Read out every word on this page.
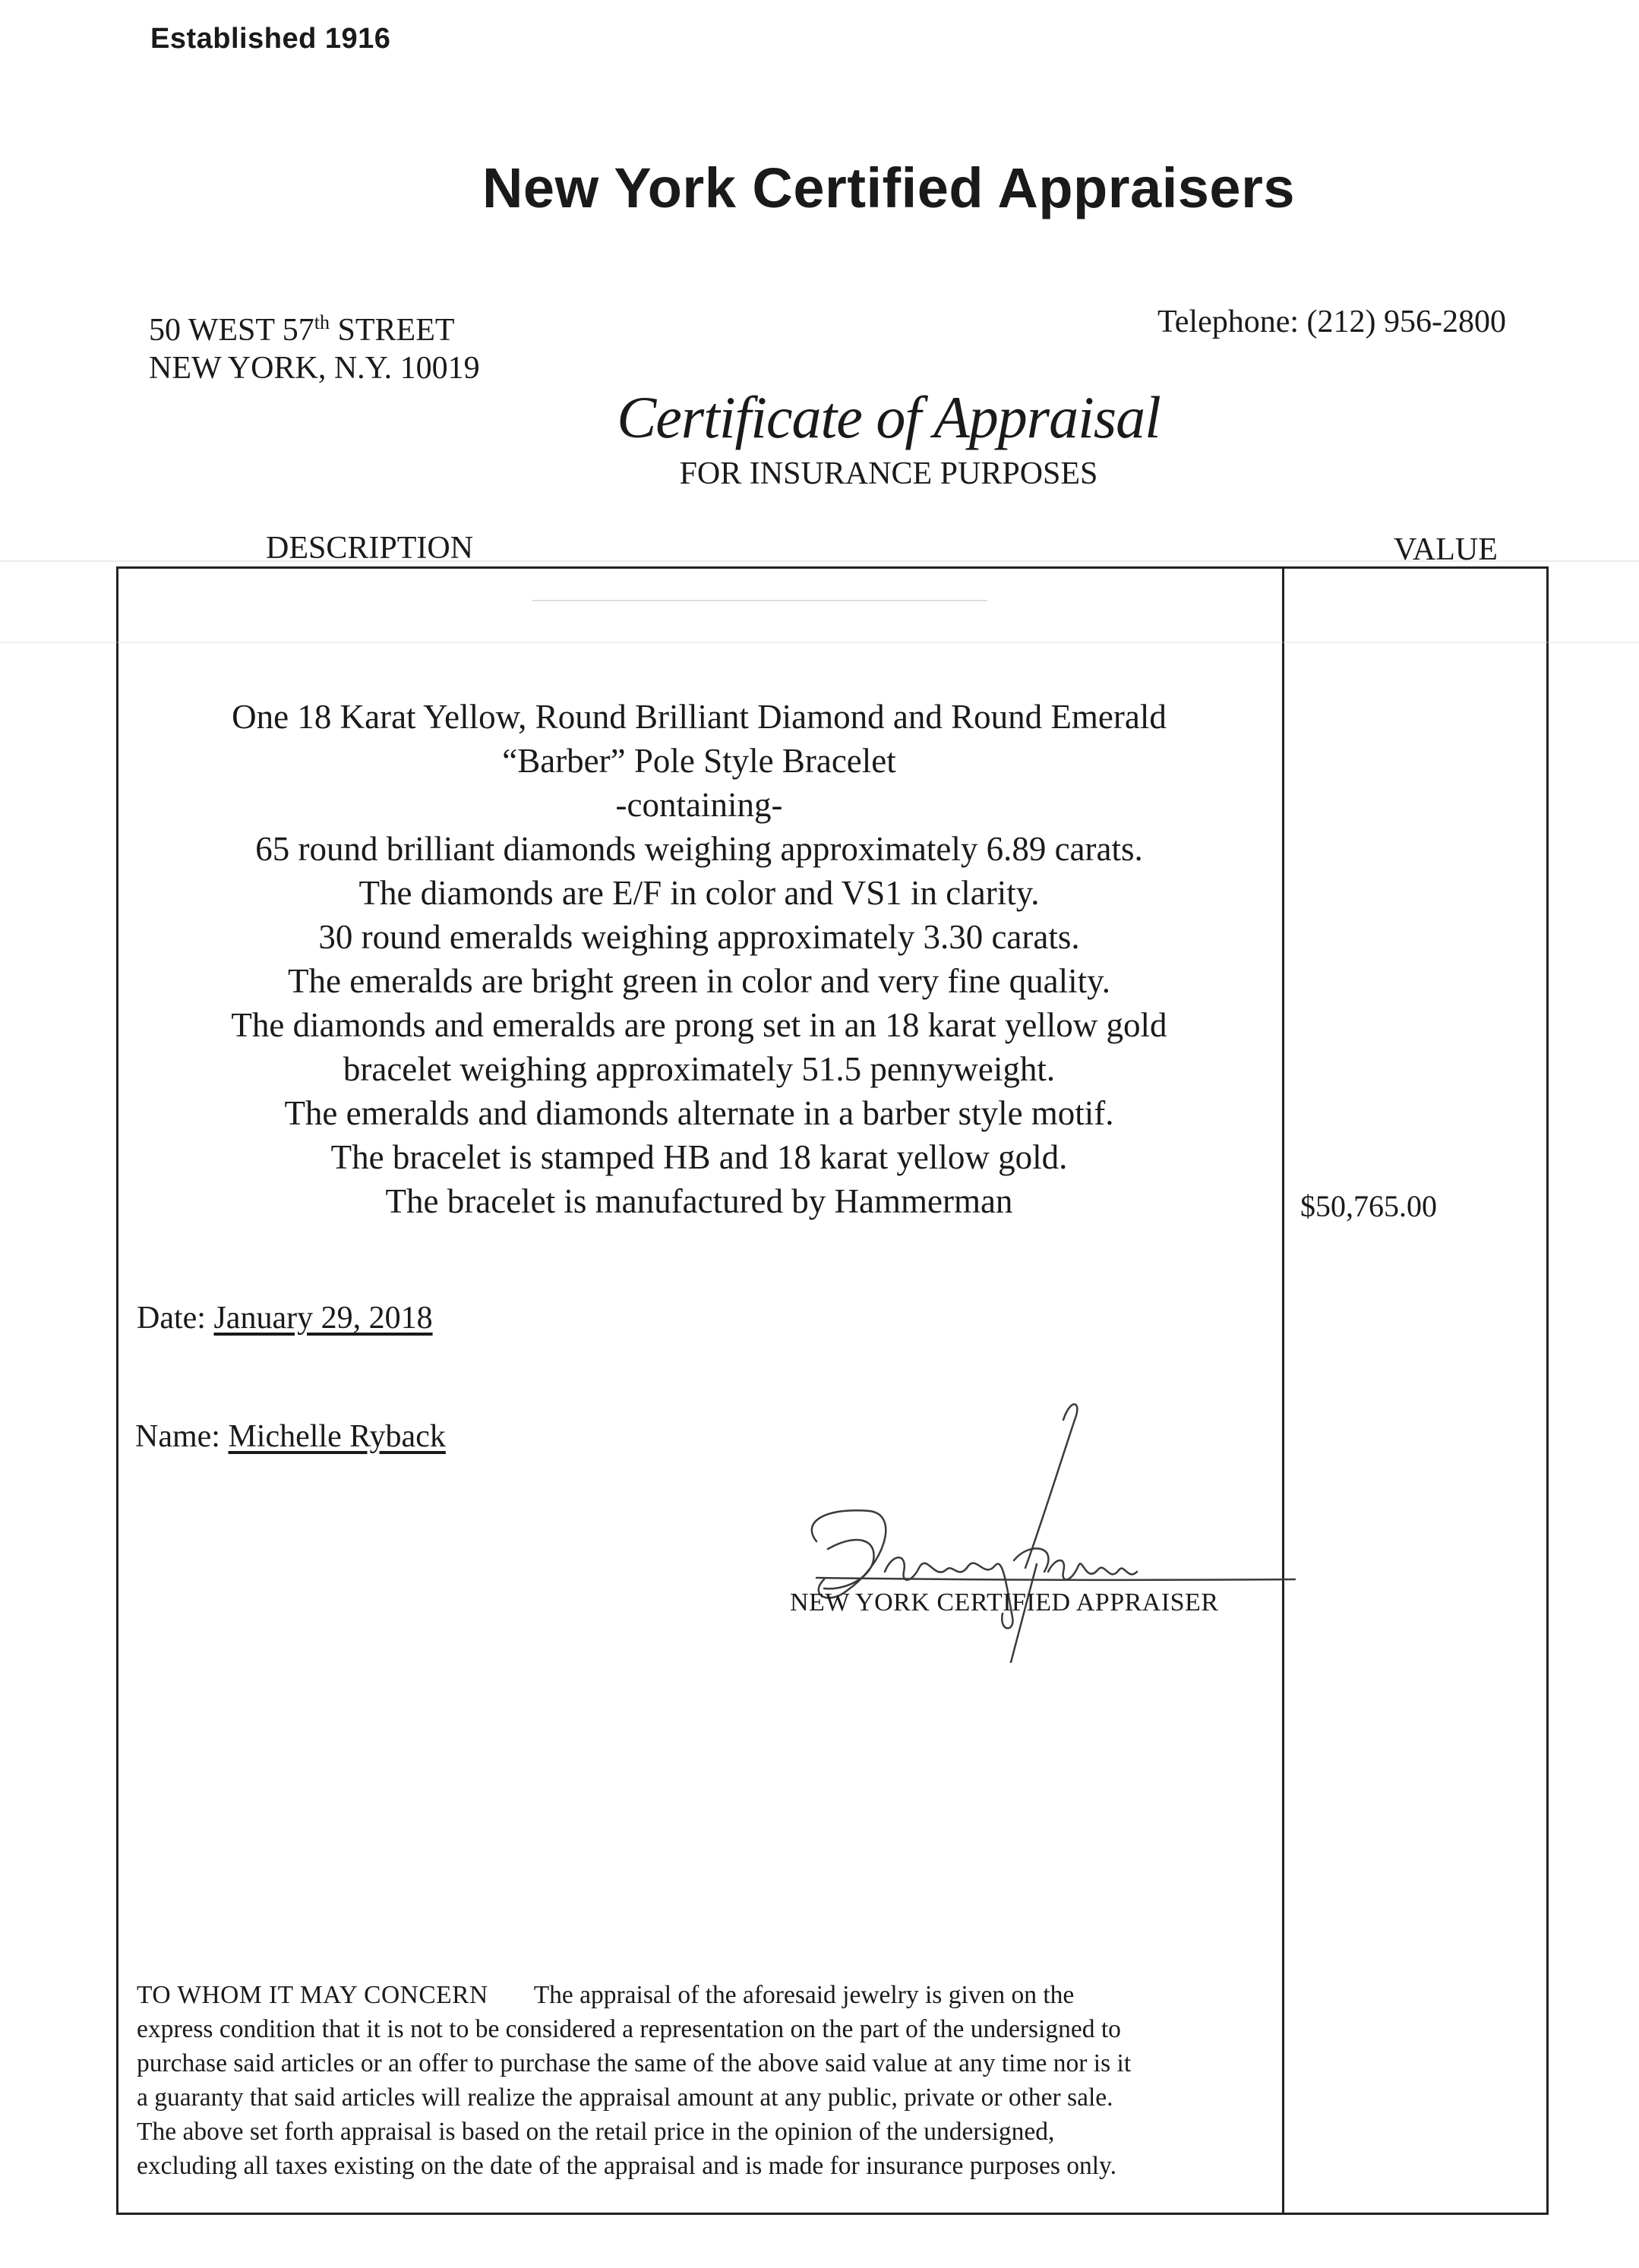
Established 1916
New York Certified Appraisers
50 WEST 57th STREET
NEW YORK, N.Y. 10019
Telephone: (212) 956-2800
Certificate of Appraisal
FOR INSURANCE PURPOSES
DESCRIPTION	VALUE
One 18 Karat Yellow, Round Brilliant Diamond and Round Emerald
“Barber” Pole Style Bracelet
-containing-
65 round brilliant diamonds weighing approximately 6.89 carats.
The diamonds are E/F in color and VS1 in clarity.
30 round emeralds weighing approximately 3.30 carats.
The emeralds are bright green in color and very fine quality.
The diamonds and emeralds are prong set in an 18 karat yellow gold
bracelet weighing approximately 51.5 pennyweight.
The emeralds and diamonds alternate in a barber style motif.
The bracelet is stamped HB and 18 karat yellow gold.
The bracelet is manufactured by Hammerman	$50,765.00
Date: January 29, 2018
Name: Michelle Ryback
NEW YORK CERTIFIED APPRAISER
TO WHOM IT MAY CONCERN The appraisal of the aforesaid jewelry is given on the
express condition that it is not to be considered a representation on the part of the undersigned to
purchase said articles or an offer to purchase the same of the above said value at any time nor is it
a guaranty that said articles will realize the appraisal amount at any public, private or other sale.
The above set forth appraisal is based on the retail price in the opinion of the undersigned,
excluding all taxes existing on the date of the appraisal and is made for insurance purposes only.
